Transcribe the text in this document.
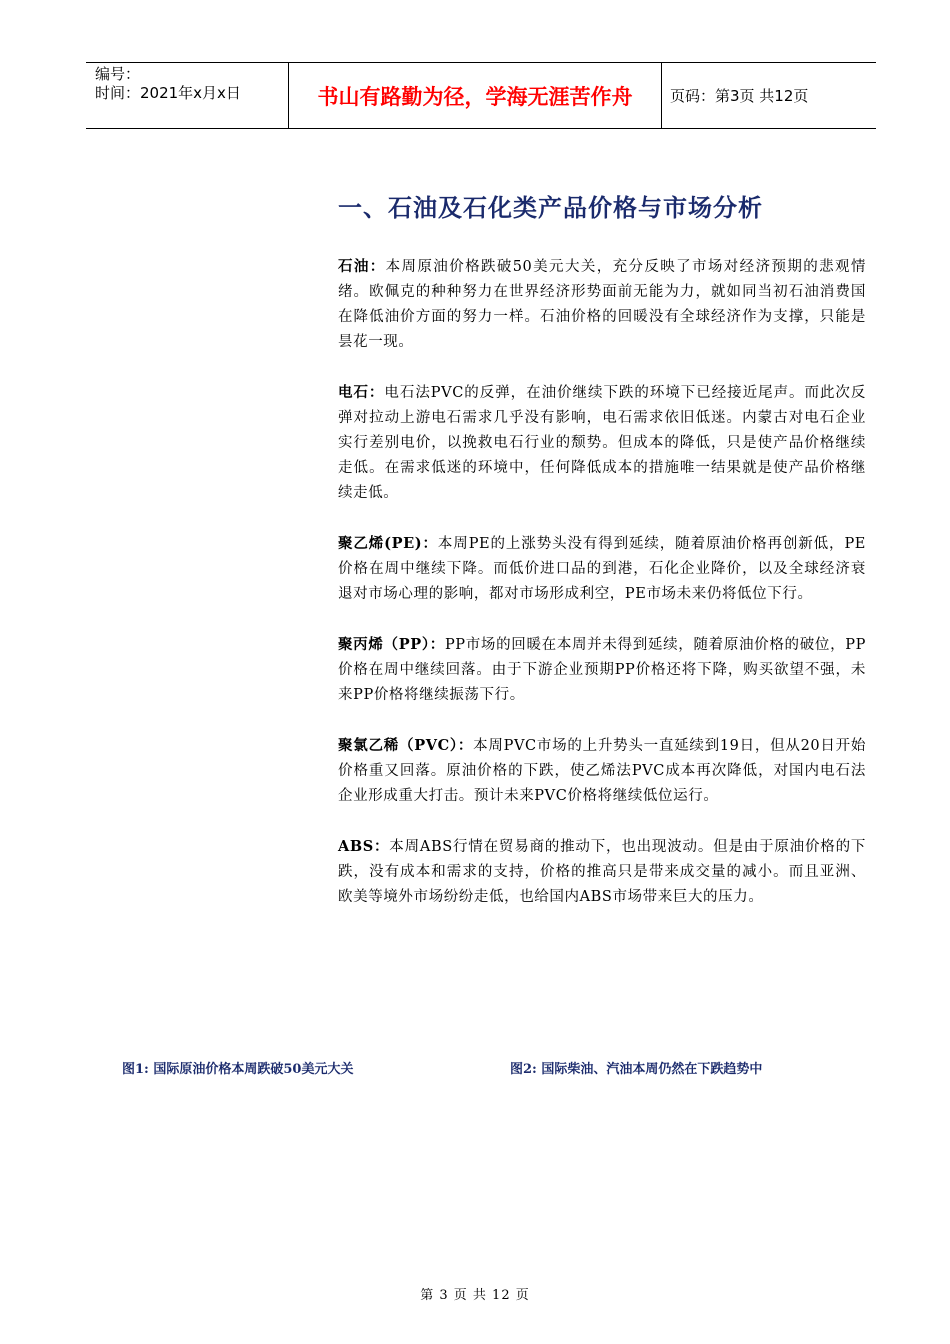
编号：
时间：2021年x月x日	书山有路勤为径，学海无涯苦作舟	页码：第3页 共12页
一、石油及石化类产品价格与市场分析

石油：本周原油价格跌破50美元大关，充分反映了市场对经济预期的悲观情绪。欧佩克的种种努力在世界经济形势面前无能为力，就如同当初石油消费国在降低油价方面的努力一样。石油价格的回暖没有全球经济作为支撑，只能是昙花一现。

电石：电石法PVC的反弹，在油价继续下跌的环境下已经接近尾声。而此次反弹对拉动上游电石需求几乎没有影响，电石需求依旧低迷。内蒙古对电石企业实行差别电价，以挽救电石行业的颓势。但成本的降低，只是使产品价格继续走低。在需求低迷的环境中，任何降低成本的措施唯一结果就是使产品价格继续走低。

聚乙烯(PE)：本周PE的上涨势头没有得到延续，随着原油价格再创新低，PE价格在周中继续下降。而低价进口品的到港，石化企业降价，以及全球经济衰退对市场心理的影响，都对市场形成利空，PE市场未来仍将低位下行。

聚丙烯（PP）：PP市场的回暖在本周并未得到延续，随着原油价格的破位，PP价格在周中继续回落。由于下游企业预期PP价格还将下降，购买欲望不强，未来PP价格将继续振荡下行。

聚氯乙稀（PVC）：本周PVC市场的上升势头一直延续到19日，但从20日开始价格重又回落。原油价格的下跌，使乙烯法PVC成本再次降低，对国内电石法企业形成重大打击。预计未来PVC价格将继续低位运行。

ABS：本周ABS行情在贸易商的推动下，也出现波动。但是由于原油价格的下跌，没有成本和需求的支持，价格的推高只是带来成交量的减小。而且亚洲、欧美等境外市场纷纷走低，也给国内ABS市场带来巨大的压力。

图1: 国际原油价格本周跌破50美元大关	图2: 国际柴油、汽油本周仍然在下跌趋势中
第 3 页 共 12 页
